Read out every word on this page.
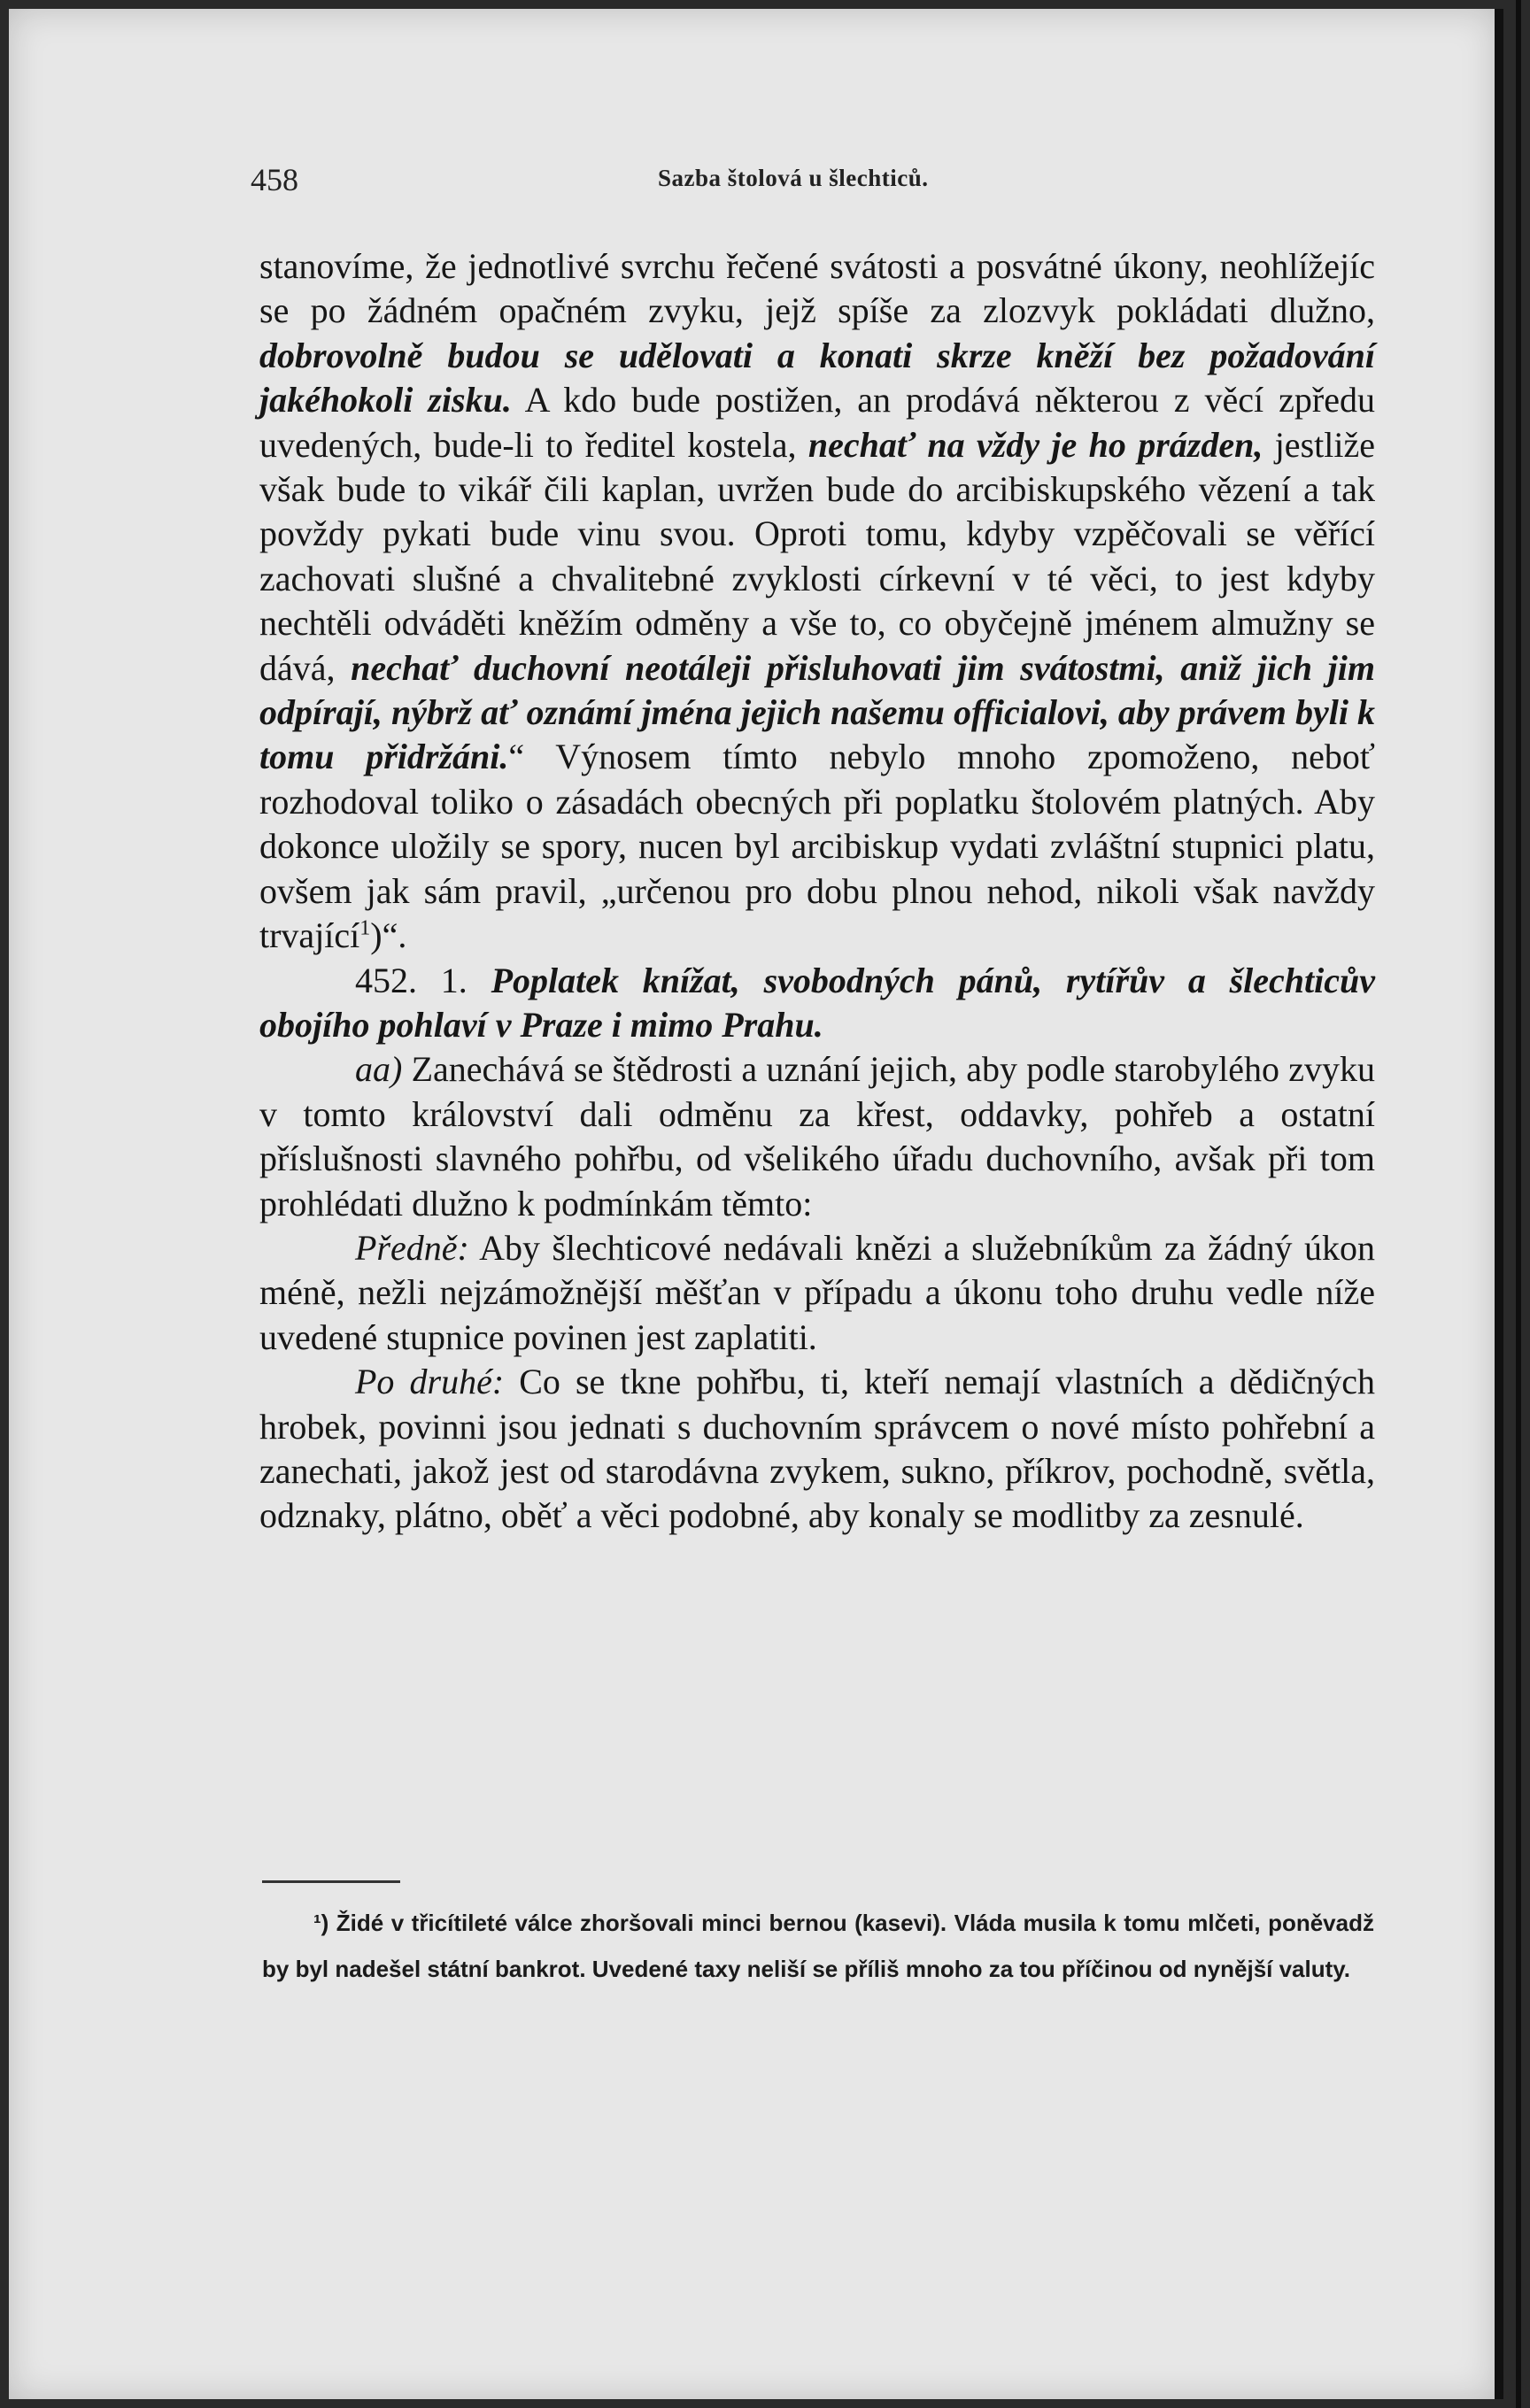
458	Sazba štolová u šlechticů.

stanovíme, že jednotlivé svrchu řečené svátosti a posvátné úkony, neohlížejíc se po žádném opačném zvyku, jejž spíše za zlozvyk pokládati dlužno, dobrovolně budou se udělovati a konati skrze kněží bez požadování jakéhokoli zisku. A kdo bude postižen, an prodává některou z věcí zpředu uvedených, bude-li to ředitel kostela, nechať na vždy je ho prázden, jestliže však bude to vikář čili kaplan, uvržen bude do arcibiskupského vězení a tak povždy pykati bude vinu svou. Oproti tomu, kdyby vzpěčovali se věřící zachovati slušné a chvalitebné zvyklosti církevní v té věci, to jest kdyby nechtěli odváděti kněžím odměny a vše to, co obyčejně jménem almužny se dává, nechať duchovní neotáleji přisluhovati jim svátostmi, aniž jich jim odpírají, nýbrž ať oznámí jména jejich našemu officialovi, aby právem byli k tomu přidržáni.“ Výnosem tímto nebylo mnoho zpomoženo, neboť rozhodoval toliko o zásadách obecných při poplatku štolovém platných. Aby dokonce uložily se spory, nucen byl arcibiskup vydati zvláštní stupnici platu, ovšem jak sám pravil, „určenou pro dobu plnou nehod, nikoli však navždy trvající$^1$)“.

452. 1. Poplatek knížat, svobodných pánů, rytířův a šlechticův obojího pohlaví v Praze i mimo Prahu.

aa) Zanechává se štědrosti a uznání jejich, aby podle starobylého zvyku v tomto království dali odměnu za křest, oddavky, pohřeb a ostatní příslušnosti slavného pohřbu, od všelikého úřadu duchovního, avšak při tom prohlédati dlužno k podmínkám těmto:

Předně: Aby šlechticové nedávali knězi a služebníkům za žádný úkon méně, nežli nejzámožnější měšťan v případu a úkonu toho druhu vedle níže uvedené stupnice povinen jest zaplatiti.

Po druhé: Co se tkne pohřbu, ti, kteří nemají vlastních a dědičných hrobek, povinni jsou jednati s duchovním správcem o nové místo pohřební a zanechati, jakož jest od starodávna zvykem, sukno, příkrov, pochodně, světla, odznaky, plátno, oběť a věci podobné, aby konaly se modlitby za zesnulé.

¹) Židé v třicítileté válce zhoršovali minci bernou (kasevi). Vláda musila k tomu mlčeti, poněvadž by byl nadešel státní bankrot. Uvedené taxy neliší se příliš mnoho za tou příčinou od nynější valuty.
